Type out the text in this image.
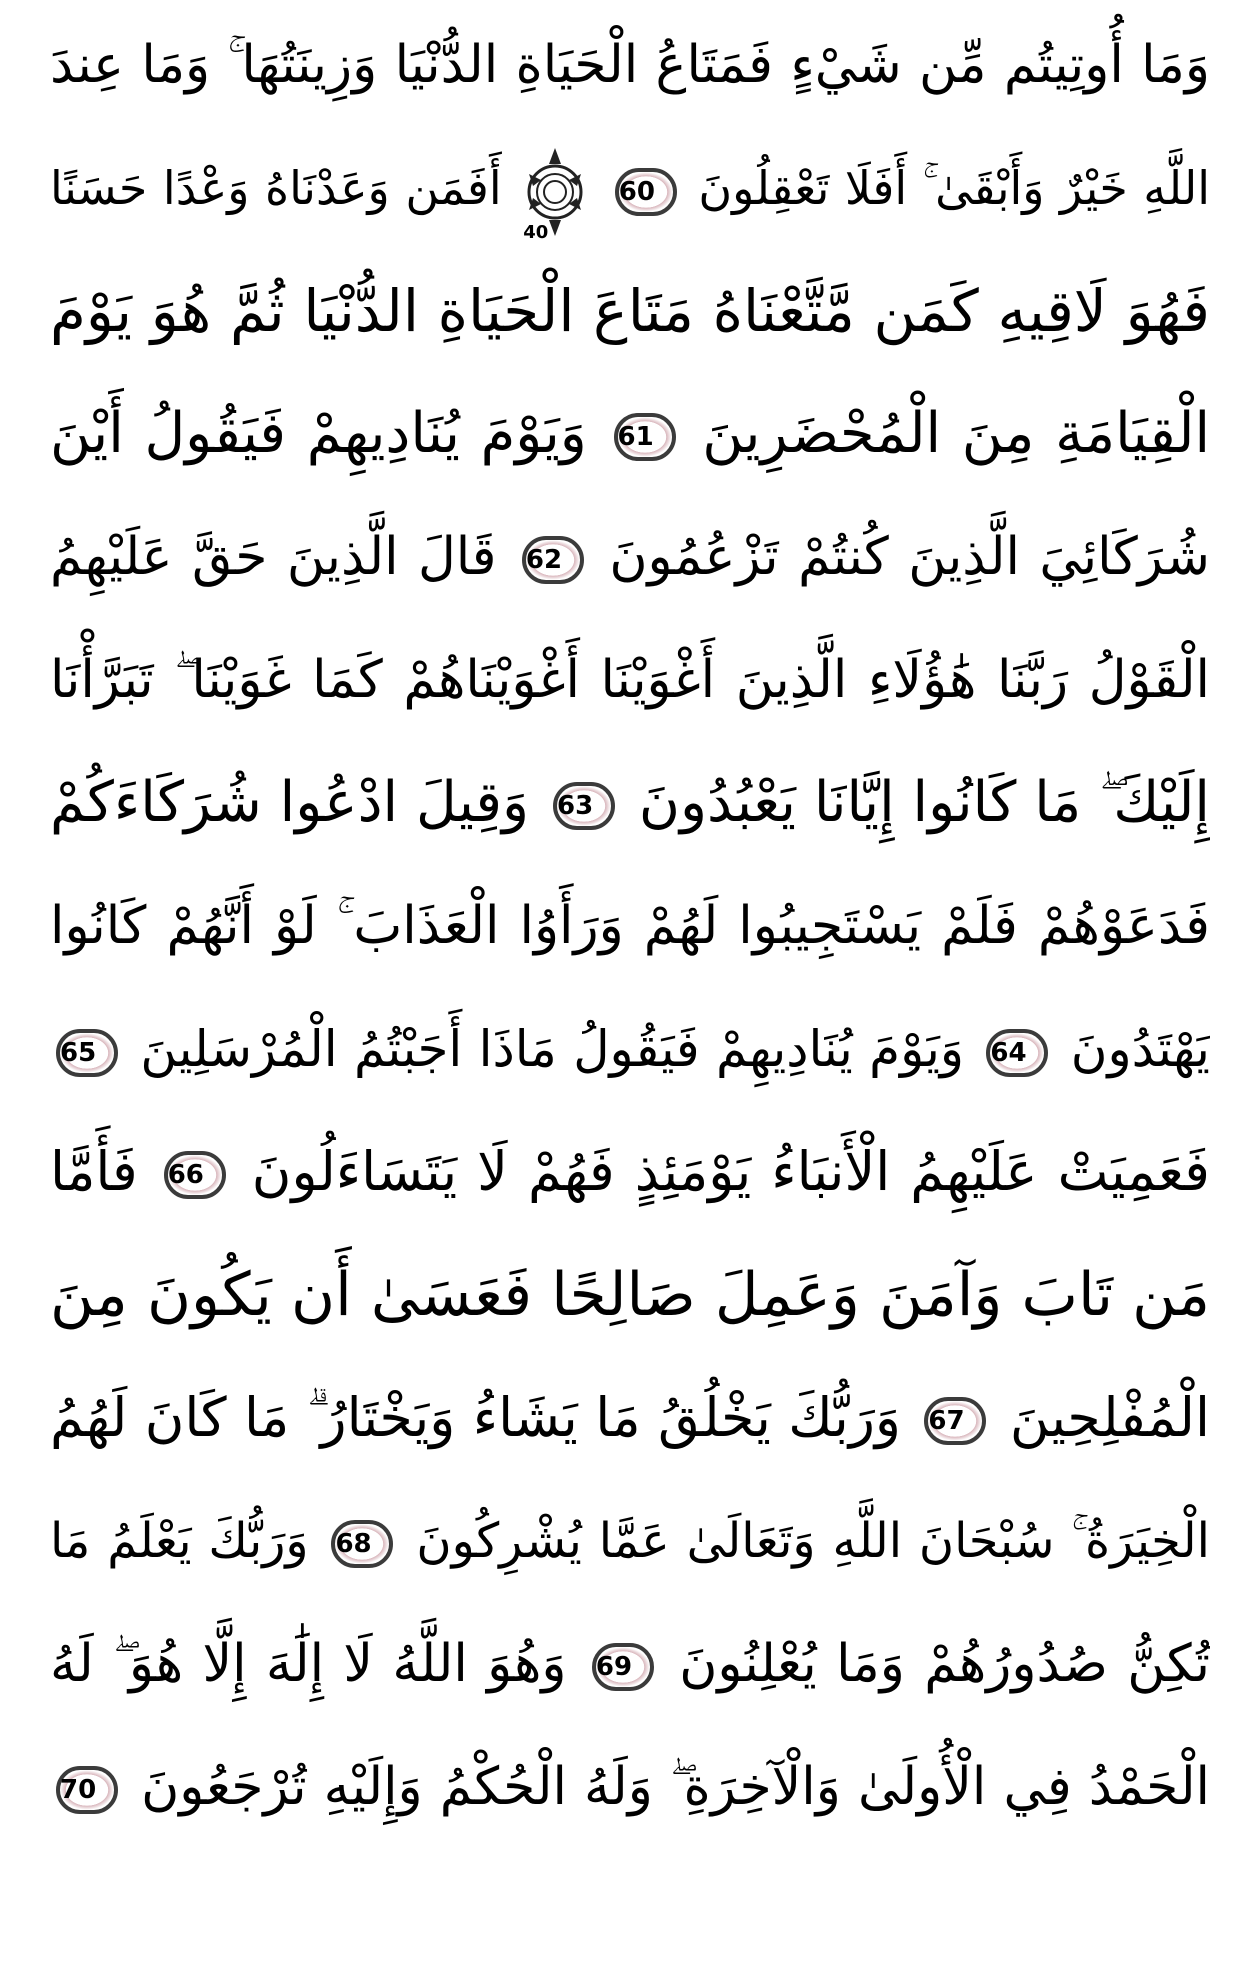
وَمَا أُوتِيتُم مِّن شَيْءٍ فَمَتَاعُ الْحَيَاةِ الدُّنْيَا وَزِينَتُهَا ۚ وَمَا عِندَ
اللَّهِ خَيْرٌ وَأَبْقَىٰ ۚ أَفَلَا تَعْقِلُونَ 60
40
أَفَمَن وَعَدْنَاهُ وَعْدًا حَسَنًا
فَهُوَ لَاقِيهِ كَمَن مَّتَّعْنَاهُ مَتَاعَ الْحَيَاةِ الدُّنْيَا ثُمَّ هُوَ يَوْمَ
الْقِيَامَةِ مِنَ الْمُحْضَرِينَ 61 وَيَوْمَ يُنَادِيهِمْ فَيَقُولُ أَيْنَ
شُرَكَائِيَ الَّذِينَ كُنتُمْ تَزْعُمُونَ 62 قَالَ الَّذِينَ حَقَّ عَلَيْهِمُ
الْقَوْلُ رَبَّنَا هَٰؤُلَاءِ الَّذِينَ أَغْوَيْنَا أَغْوَيْنَاهُمْ كَمَا غَوَيْنَا ۖ تَبَرَّأْنَا
إِلَيْكَ ۖ مَا كَانُوا إِيَّانَا يَعْبُدُونَ 63 وَقِيلَ ادْعُوا شُرَكَاءَكُمْ
فَدَعَوْهُمْ فَلَمْ يَسْتَجِيبُوا لَهُمْ وَرَأَوُا الْعَذَابَ ۚ لَوْ أَنَّهُمْ كَانُوا
يَهْتَدُونَ 64 وَيَوْمَ يُنَادِيهِمْ فَيَقُولُ مَاذَا أَجَبْتُمُ الْمُرْسَلِينَ 65
فَعَمِيَتْ عَلَيْهِمُ الْأَنبَاءُ يَوْمَئِذٍ فَهُمْ لَا يَتَسَاءَلُونَ 66 فَأَمَّا
مَن تَابَ وَآمَنَ وَعَمِلَ صَالِحًا فَعَسَىٰ أَن يَكُونَ مِنَ
الْمُفْلِحِينَ 67 وَرَبُّكَ يَخْلُقُ مَا يَشَاءُ وَيَخْتَارُ ۗ مَا كَانَ لَهُمُ
الْخِيَرَةُ ۚ سُبْحَانَ اللَّهِ وَتَعَالَىٰ عَمَّا يُشْرِكُونَ 68 وَرَبُّكَ يَعْلَمُ مَا
تُكِنُّ صُدُورُهُمْ وَمَا يُعْلِنُونَ 69 وَهُوَ اللَّهُ لَا إِلَٰهَ إِلَّا هُوَ ۖ لَهُ
الْحَمْدُ فِي الْأُولَىٰ وَالْآخِرَةِ ۖ وَلَهُ الْحُكْمُ وَإِلَيْهِ تُرْجَعُونَ 70
